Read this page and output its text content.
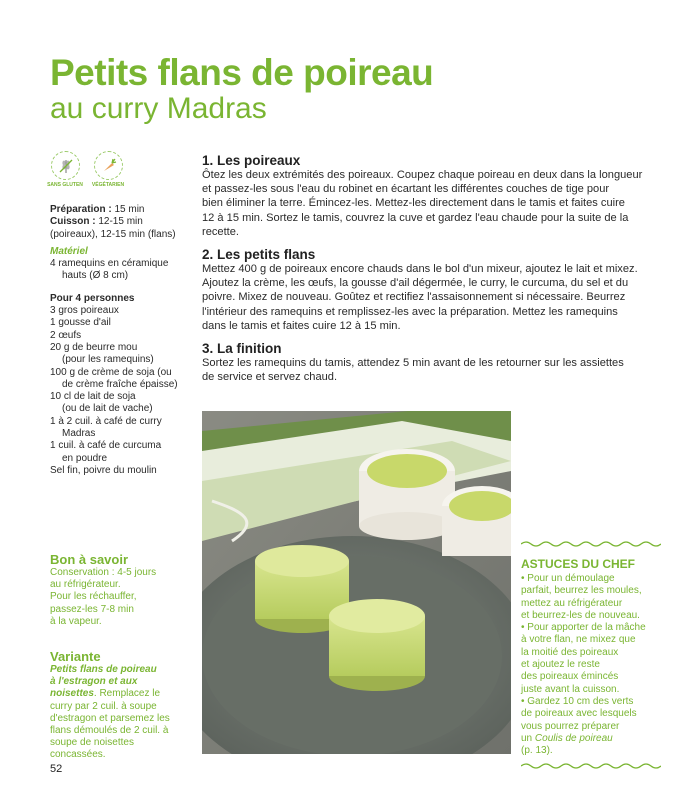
Petits flans de poireau
au curry Madras
SANS GLUTEN	VÉGÉTARIEN
Préparation : 15 min
Cuisson : 12-15 min
(poireaux), 12-15 min (flans)
Matériel
4 ramequins en céramique
hauts (Ø 8 cm)
Pour 4 personnes
3 gros poireaux
1 gousse d'ail
2 œufs
20 g de beurre mou
(pour les ramequins)
100 g de crème de soja (ou
de crème fraîche épaisse)
10 cl de lait de soja
(ou de lait de vache)
1 à 2 cuil. à café de curry
Madras
1 cuil. à café de curcuma
en poudre
Sel fin, poivre du moulin
1. Les poireaux
Ôtez les deux extrémités des poireaux. Coupez chaque poireau en deux dans la longueur
et passez-les sous l'eau du robinet en écartant les différentes couches de tige pour
bien éliminer la terre. Émincez-les. Mettez-les directement dans le tamis et faites cuire
12 à 15 min. Sortez le tamis, couvrez la cuve et gardez l'eau chaude pour la suite de la
recette.
2. Les petits flans
Mettez 400 g de poireaux encore chauds dans le bol d'un mixeur, ajoutez le lait et mixez.
Ajoutez la crème, les œufs, la gousse d'ail dégermée, le curry, le curcuma, du sel et du
poivre. Mixez de nouveau. Goûtez et rectifiez l'assaisonnement si nécessaire. Beurrez
l'intérieur des ramequins et remplissez-les avec la préparation. Mettez les ramequins
dans le tamis et faites cuire 12 à 15 min.
3. La finition
Sortez les ramequins du tamis, attendez 5 min avant de les retourner sur les assiettes
de service et servez chaud.
Bon à savoir
Conservation : 4-5 jours
au réfrigérateur.
Pour les réchauffer,
passez-les 7-8 min
à la vapeur.
Variante
Petits flans de poireau
à l'estragon et aux
noisettes. Remplacez le
curry par 2 cuil. à soupe
d'estragon et parsemez les
flans démoulés de 2 cuil. à
soupe de noisettes
concassées.
ASTUCES DU CHEF
• Pour un démoulage
parfait, beurrez les moules,
mettez au réfrigérateur
et beurrez-les de nouveau.
• Pour apporter de la mâche
à votre flan, ne mixez que
la moitié des poireaux
et ajoutez le reste
des poireaux émincés
juste avant la cuisson.
• Gardez 10 cm des verts
de poireaux avec lesquels
vous pourrez préparer
un Coulis de poireau
(p. 13).
52
